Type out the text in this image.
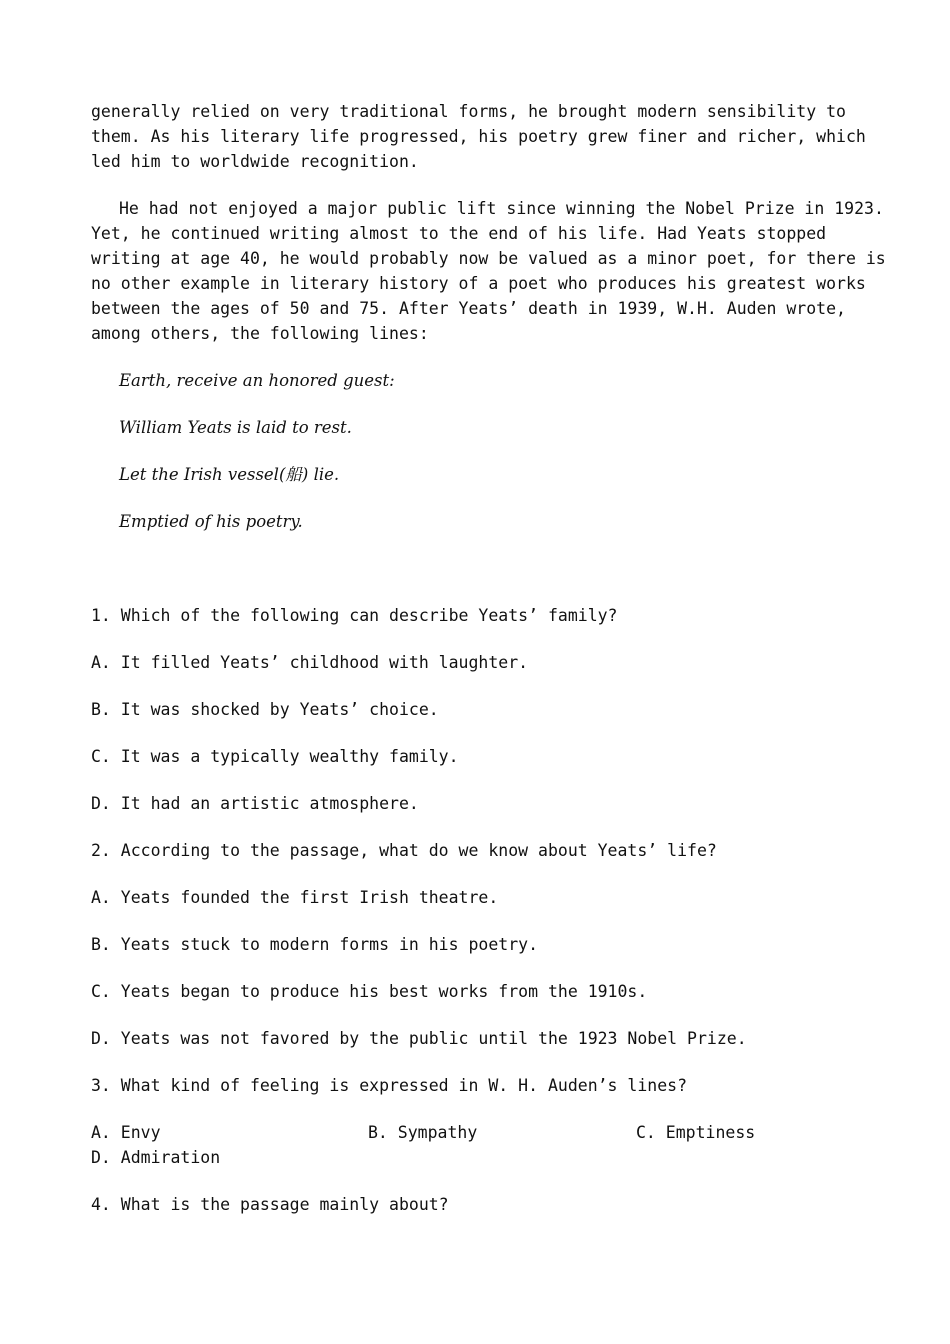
generally relied on very traditional forms, he brought modern sensibility to

them. As his literary life progressed, his poetry grew finer and richer, which

led him to worldwide recognition.

He had not enjoyed a major public lift since winning the Nobel Prize in 1923.

Yet, he continued writing almost to the end of his life. Had Yeats stopped

writing at age 40, he would probably now be valued as a minor poet, for there is

no other example in literary history of a poet who produces his greatest works

between the ages of 50 and 75. After Yeats’ death in 1939, W.H. Auden wrote,

among others, the following lines:

Earth, receive an honored guest:

William Yeats is laid to rest.

Let the Irish vessel(船) lie.

Emptied of his poetry.

1. Which of the following can describe Yeats’ family?

A. It filled Yeats’ childhood with laughter.

B. It was shocked by Yeats’ choice.

C. It was a typically wealthy family.

D. It had an artistic atmosphere.

2. According to the passage, what do we know about Yeats’ life?

A. Yeats founded the first Irish theatre.

B. Yeats stuck to modern forms in his poetry.

C. Yeats began to produce his best works from the 1910s.

D. Yeats was not favored by the public until the 1923 Nobel Prize.

3. What kind of feeling is expressed in W. H. Auden’s lines?

A. Envy	B. Sympathy	C. Emptiness

D. Admiration

4. What is the passage mainly about?
